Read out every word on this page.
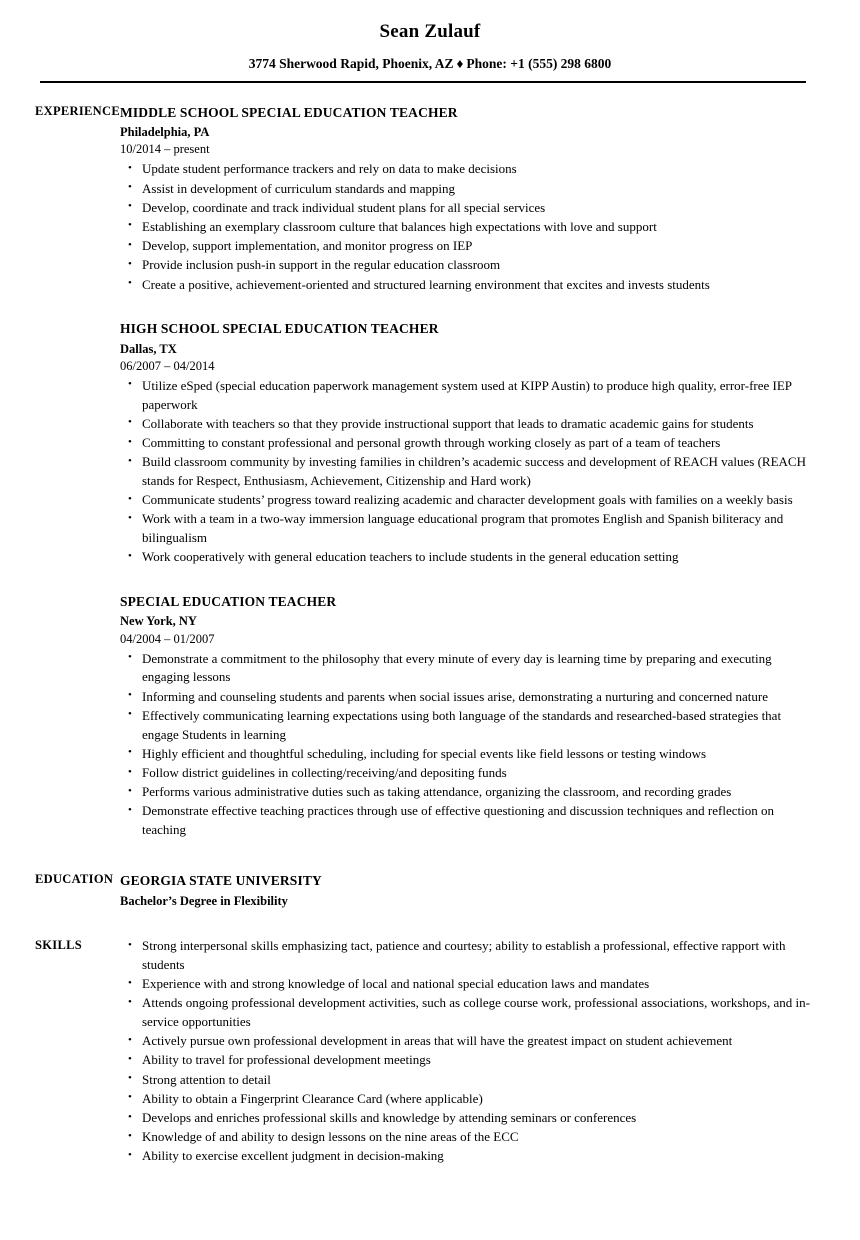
Sean Zulauf
3774 Sherwood Rapid, Phoenix, AZ ♦ Phone: +1 (555) 298 6800
EXPERIENCE MIDDLE SCHOOL SPECIAL EDUCATION TEACHER
Philadelphia, PA
10/2014 – present
• Update student performance trackers and rely on data to make decisions
• Assist in development of curriculum standards and mapping
• Develop, coordinate and track individual student plans for all special services
• Establishing an exemplary classroom culture that balances high expectations with love and support
• Develop, support implementation, and monitor progress on IEP
• Provide inclusion push-in support in the regular education classroom
• Create a positive, achievement-oriented and structured learning environment that excites and invests students
HIGH SCHOOL SPECIAL EDUCATION TEACHER
Dallas, TX
06/2007 – 04/2014
• Utilize eSped (special education paperwork management system used at KIPP Austin) to produce high quality, error-free IEP paperwork
• Collaborate with teachers so that they provide instructional support that leads to dramatic academic gains for students
• Committing to constant professional and personal growth through working closely as part of a team of teachers
• Build classroom community by investing families in children’s academic success and development of REACH values (REACH stands for Respect, Enthusiasm, Achievement, Citizenship and Hard work)
• Communicate students’ progress toward realizing academic and character development goals with families on a weekly basis
• Work with a team in a two-way immersion language educational program that promotes English and Spanish biliteracy and bilingualism
• Work cooperatively with general education teachers to include students in the general education setting
SPECIAL EDUCATION TEACHER
New York, NY
04/2004 – 01/2007
• Demonstrate a commitment to the philosophy that every minute of every day is learning time by preparing and executing engaging lessons
• Informing and counseling students and parents when social issues arise, demonstrating a nurturing and concerned nature
• Effectively communicating learning expectations using both language of the standards and researched-based strategies that engage Students in learning
• Highly efficient and thoughtful scheduling, including for special events like field lessons or testing windows
• Follow district guidelines in collecting/receiving/and depositing funds
• Performs various administrative duties such as taking attendance, organizing the classroom, and recording grades
• Demonstrate effective teaching practices through use of effective questioning and discussion techniques and reflection on teaching
EDUCATION GEORGIA STATE UNIVERSITY
Bachelor’s Degree in Flexibility
SKILLS	• Strong interpersonal skills emphasizing tact, patience and courtesy; ability to establish a professional, effective rapport with students
• Experience with and strong knowledge of local and national special education laws and mandates
• Attends ongoing professional development activities, such as college course work, professional associations, workshops, and in-service opportunities
• Actively pursue own professional development in areas that will have the greatest impact on student achievement
• Ability to travel for professional development meetings
• Strong attention to detail
• Ability to obtain a Fingerprint Clearance Card (where applicable)
• Develops and enriches professional skills and knowledge by attending seminars or conferences
• Knowledge of and ability to design lessons on the nine areas of the ECC
• Ability to exercise excellent judgment in decision-making
